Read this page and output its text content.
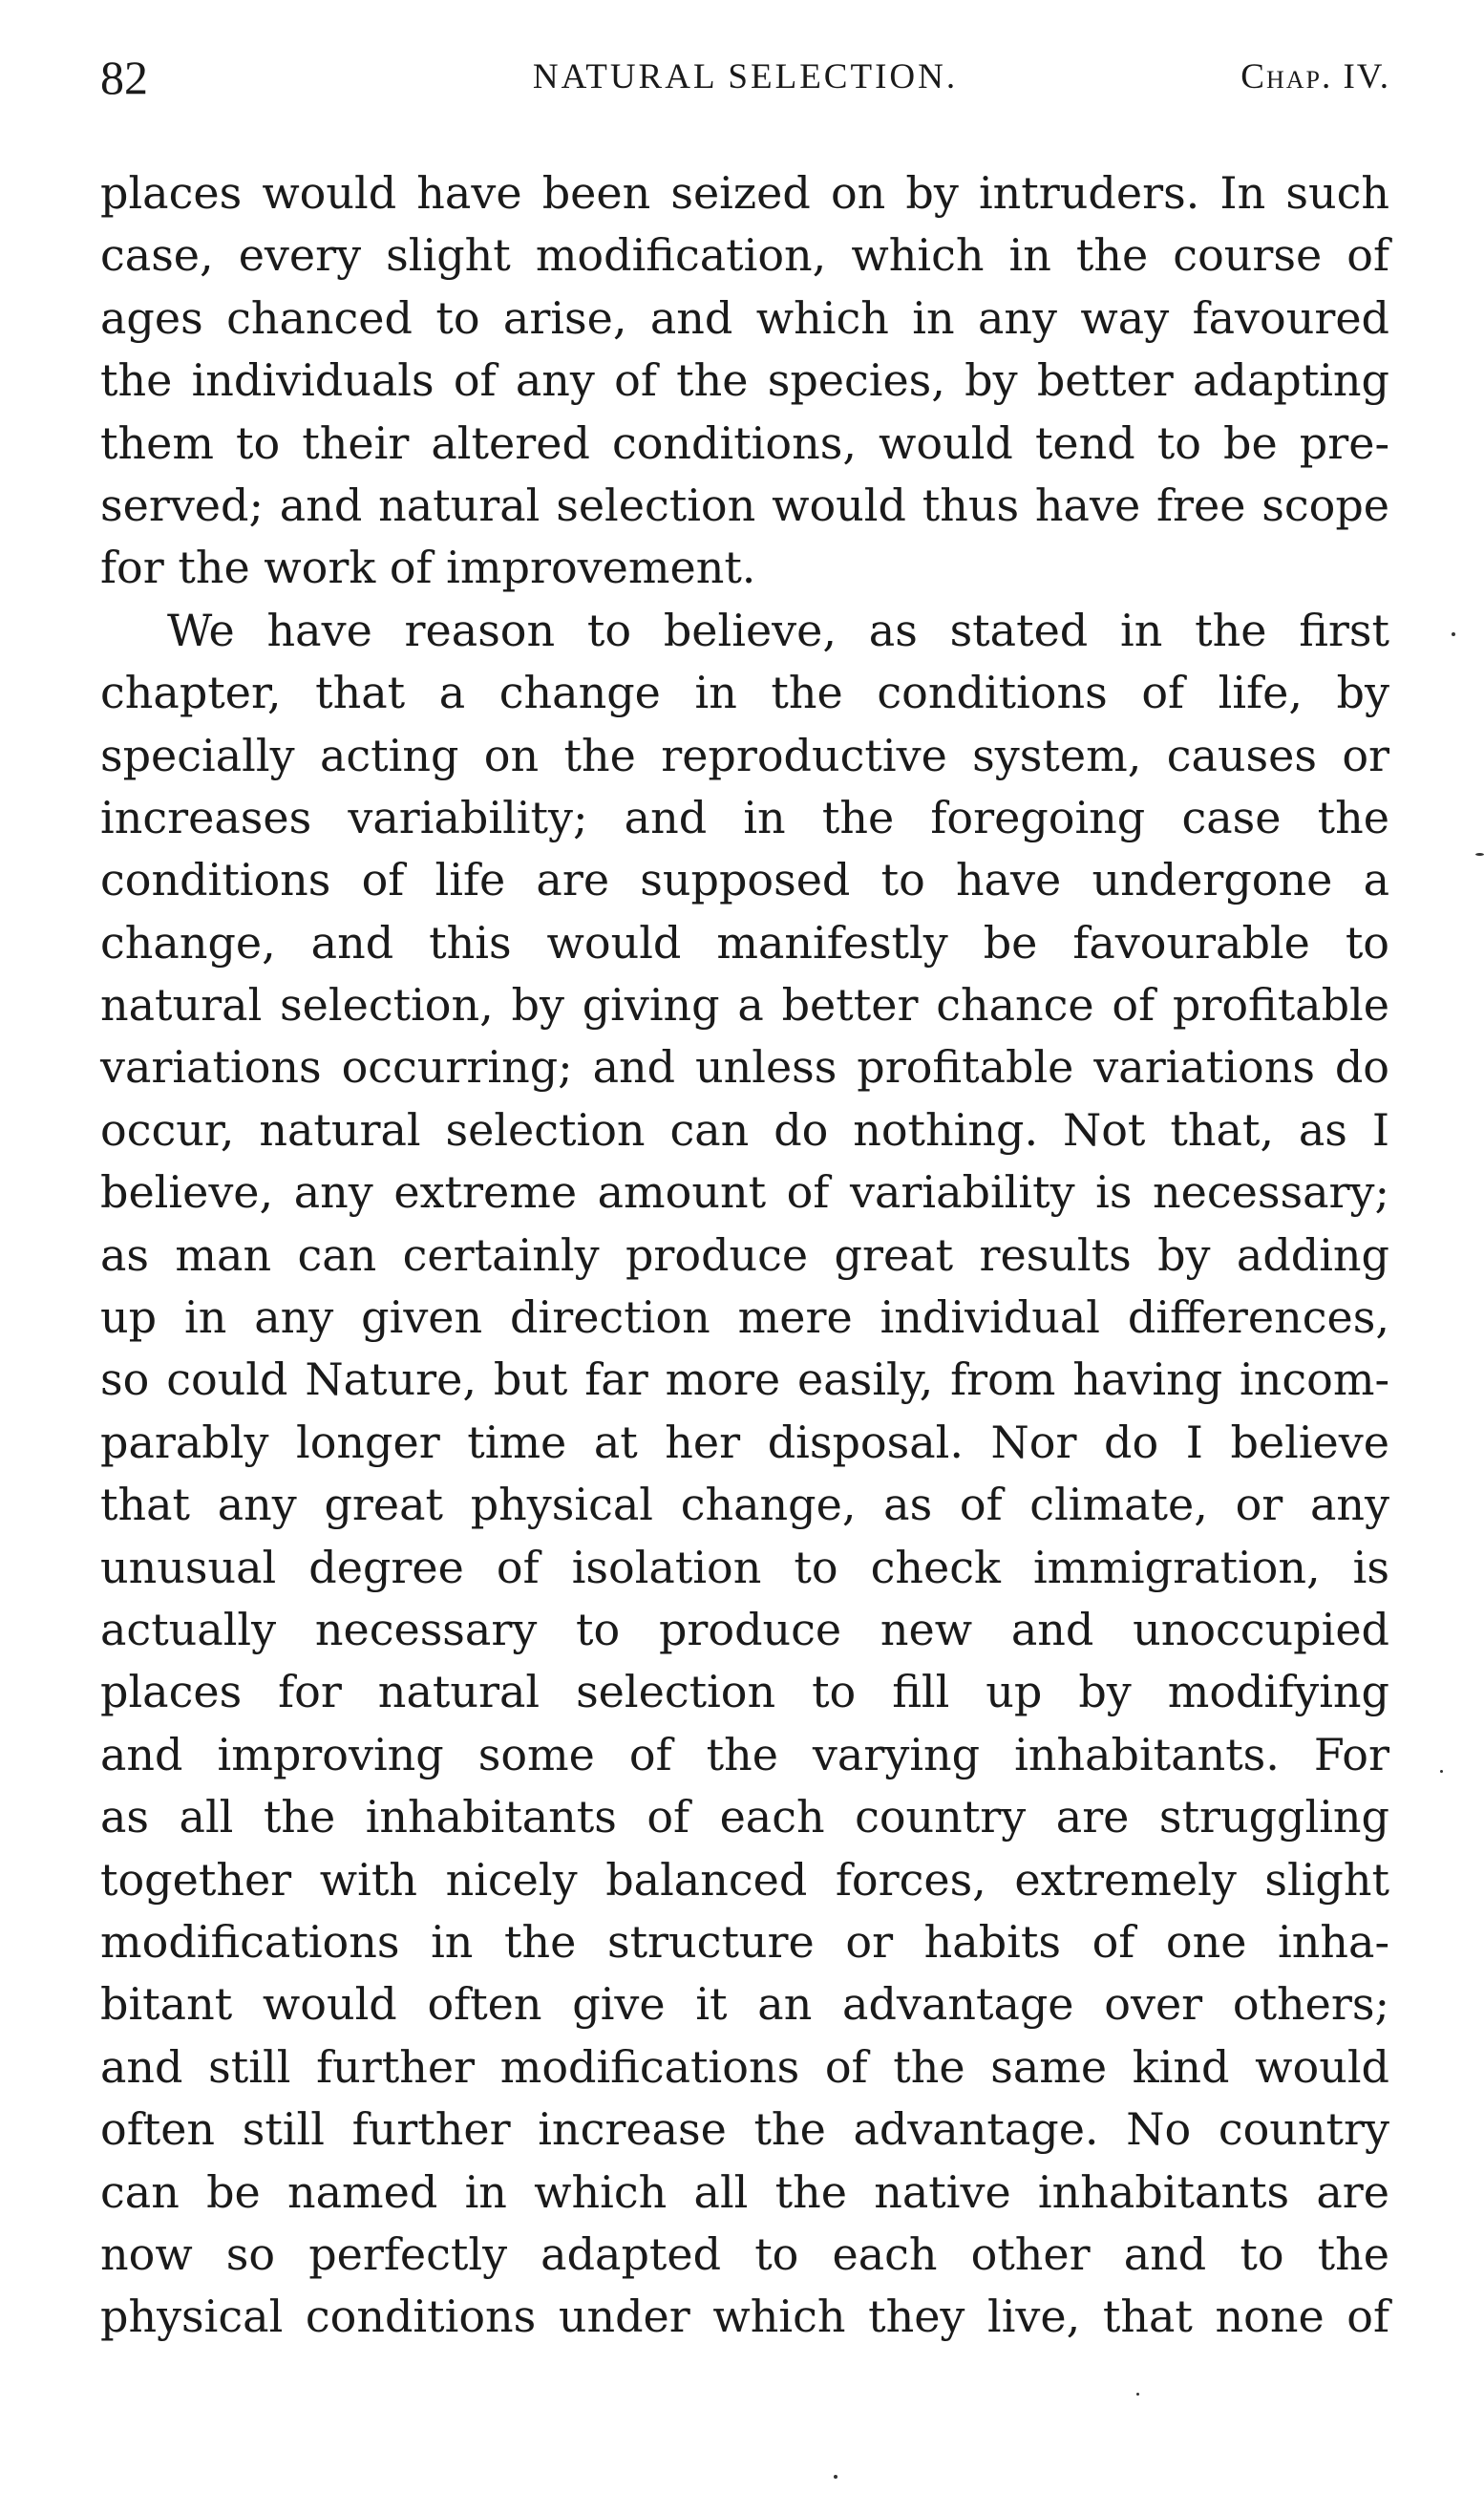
82	NATURAL SELECTION.	Chap. IV.
places would have been seized on by intruders. In such
case, every slight modification, which in the course of
ages chanced to arise, and which in any way favoured
the individuals of any of the species, by better adapting
them to their altered conditions, would tend to be pre-
served; and natural selection would thus have free scope
for the work of improvement.
We have reason to believe, as stated in the first
chapter, that a change in the conditions of life, by
specially acting on the reproductive system, causes or
increases variability; and in the foregoing case the
conditions of life are supposed to have undergone a
change, and this would manifestly be favourable to
natural selection, by giving a better chance of profitable
variations occurring; and unless profitable variations do
occur, natural selection can do nothing. Not that, as I
believe, any extreme amount of variability is necessary;
as man can certainly produce great results by adding
up in any given direction mere individual differences,
so could Nature, but far more easily, from having incom-
parably longer time at her disposal. Nor do I believe
that any great physical change, as of climate, or any
unusual degree of isolation to check immigration, is
actually necessary to produce new and unoccupied
places for natural selection to fill up by modifying
and improving some of the varying inhabitants. For
as all the inhabitants of each country are struggling
together with nicely balanced forces, extremely slight
modifications in the structure or habits of one inha-
bitant would often give it an advantage over others;
and still further modifications of the same kind would
often still further increase the advantage. No country
can be named in which all the native inhabitants are
now so perfectly adapted to each other and to the
physical conditions under which they live, that none of
